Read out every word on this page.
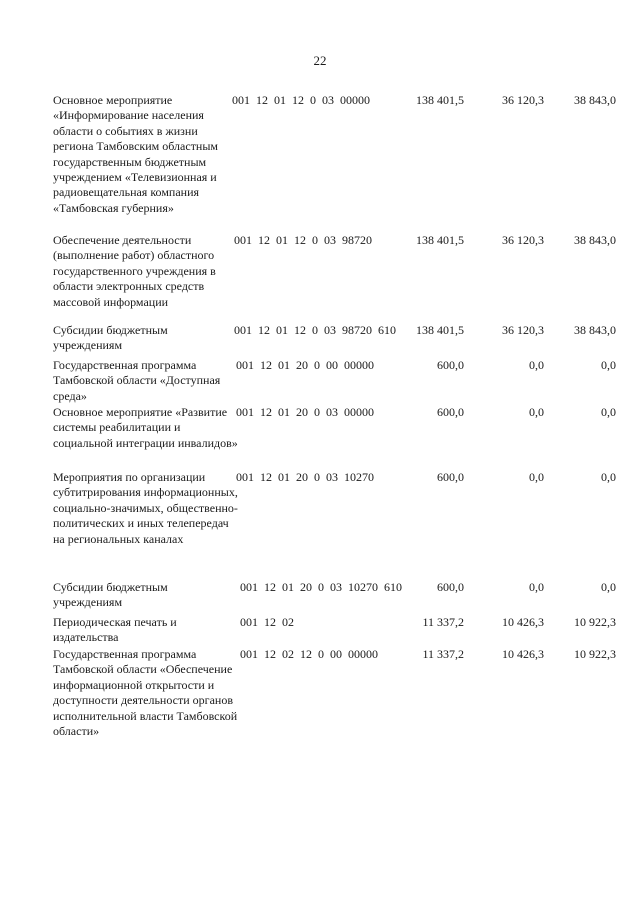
22
Основное мероприятие «Информирование населения области о событиях в жизни региона Тамбовским областным государственным бюджетным учреждением «Телевизионная и радиовещательная компания «Тамбовская губерния»
001 12 01 12 0 03 00000	138 401,5	36 120,3	38 843,0
Обеспечение деятельности (выполнение работ) областного государственного учреждения в области электронных средств массовой информации
001 12 01 12 0 03 98720	138 401,5	36 120,3	38 843,0
Субсидии бюджетным учреждениям
001 12 01 12 0 03 98720 610	138 401,5	36 120,3	38 843,0
Государственная программа Тамбовской области «Доступная среда»
001 12 01 20 0 00 00000	600,0	0,0	0,0
Основное мероприятие «Развитие системы реабилитации и социальной интеграции инвалидов»
001 12 01 20 0 03 00000	600,0	0,0	0,0
Мероприятия по организации субтитрирования информационных, социально-значимых, общественно-политических и иных телепередач на региональных каналах
001 12 01 20 0 03 10270	600,0	0,0	0,0
Субсидии бюджетным учреждениям
001 12 01 20 0 03 10270 610	600,0	0,0	0,0
Периодическая печать и издательства
001 12 02	11 337,2	10 426,3	10 922,3
Государственная программа Тамбовской области «Обеспечение информационной открытости и доступности деятельности органов исполнительной власти Тамбовской области»
001 12 02 12 0 00 00000	11 337,2	10 426,3	10 922,3
